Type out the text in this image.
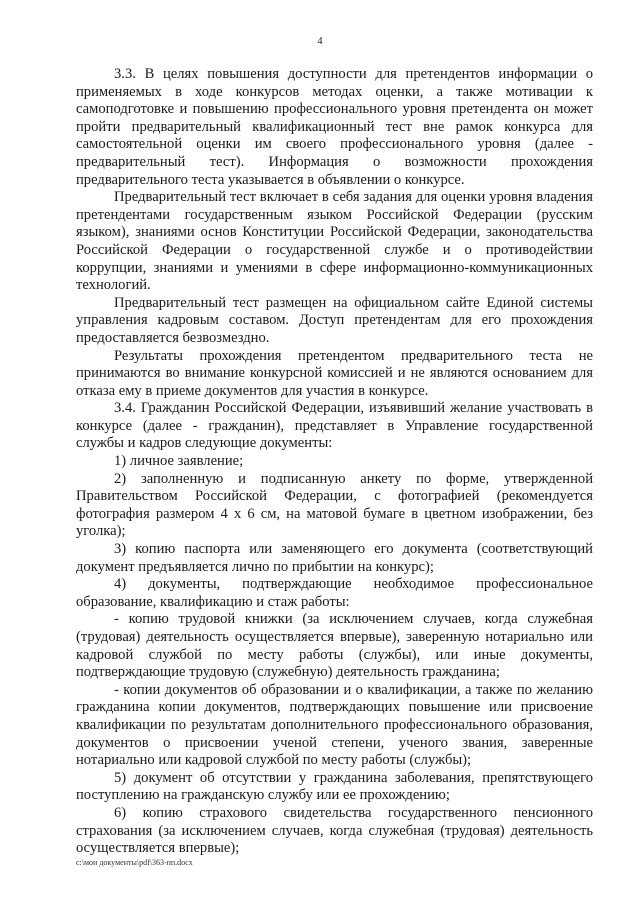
4

3.3. В целях повышения доступности для претендентов информации о применяемых в ходе конкурсов методах оценки, а также мотивации к самоподготовке и повышению профессионального уровня претендента он может пройти предварительный квалификационный тест вне рамок конкурса для самостоятельной оценки им своего профессионального уровня (далее - предварительный тест). Информация о возможности прохождения предварительного теста указывается в объявлении о конкурсе.

Предварительный тест включает в себя задания для оценки уровня владения претендентами государственным языком Российской Федерации (русским языком), знаниями основ Конституции Российской Федерации, законодательства Российской Федерации о государственной службе и о противодействии коррупции, знаниями и умениями в сфере информационно-коммуникационных технологий.

Предварительный тест размещен на официальном сайте Единой системы управления кадровым составом. Доступ претендентам для его прохождения предоставляется безвозмездно.

Результаты прохождения претендентом предварительного теста не принимаются во внимание конкурсной комиссией и не являются основанием для отказа ему в приеме документов для участия в конкурсе.

3.4. Гражданин Российской Федерации, изъявивший желание участвовать в конкурсе (далее - гражданин), представляет в Управление государственной службы и кадров следующие документы:

1) личное заявление;

2) заполненную и подписанную анкету по форме, утвержденной Правительством Российской Федерации, с фотографией (рекомендуется фотография размером 4 х 6 см, на матовой бумаге в цветном изображении, без уголка);

3) копию паспорта или заменяющего его документа (соответствующий документ предъявляется лично по прибытии на конкурс);

4) документы, подтверждающие необходимое профессиональное образование, квалификацию и стаж работы:

- копию трудовой книжки (за исключением случаев, когда служебная (трудовая) деятельность осуществляется впервые), заверенную нотариально или кадровой службой по месту работы (службы), или иные документы, подтверждающие трудовую (служебную) деятельность гражданина;

- копии документов об образовании и о квалификации, а также по желанию гражданина копии документов, подтверждающих повышение или присвоение квалификации по результатам дополнительного профессионального образования, документов о присвоении ученой степени, ученого звания, заверенные нотариально или кадровой службой по месту работы (службы);

5) документ об отсутствии у гражданина заболевания, препятствующего поступлению на гражданскую службу или ее прохождению;

6) копию страхового свидетельства государственного пенсионного страхования (за исключением случаев, когда служебная (трудовая) деятельность осуществляется впервые);

c:\мои документы\pdf\363-пп.docx
